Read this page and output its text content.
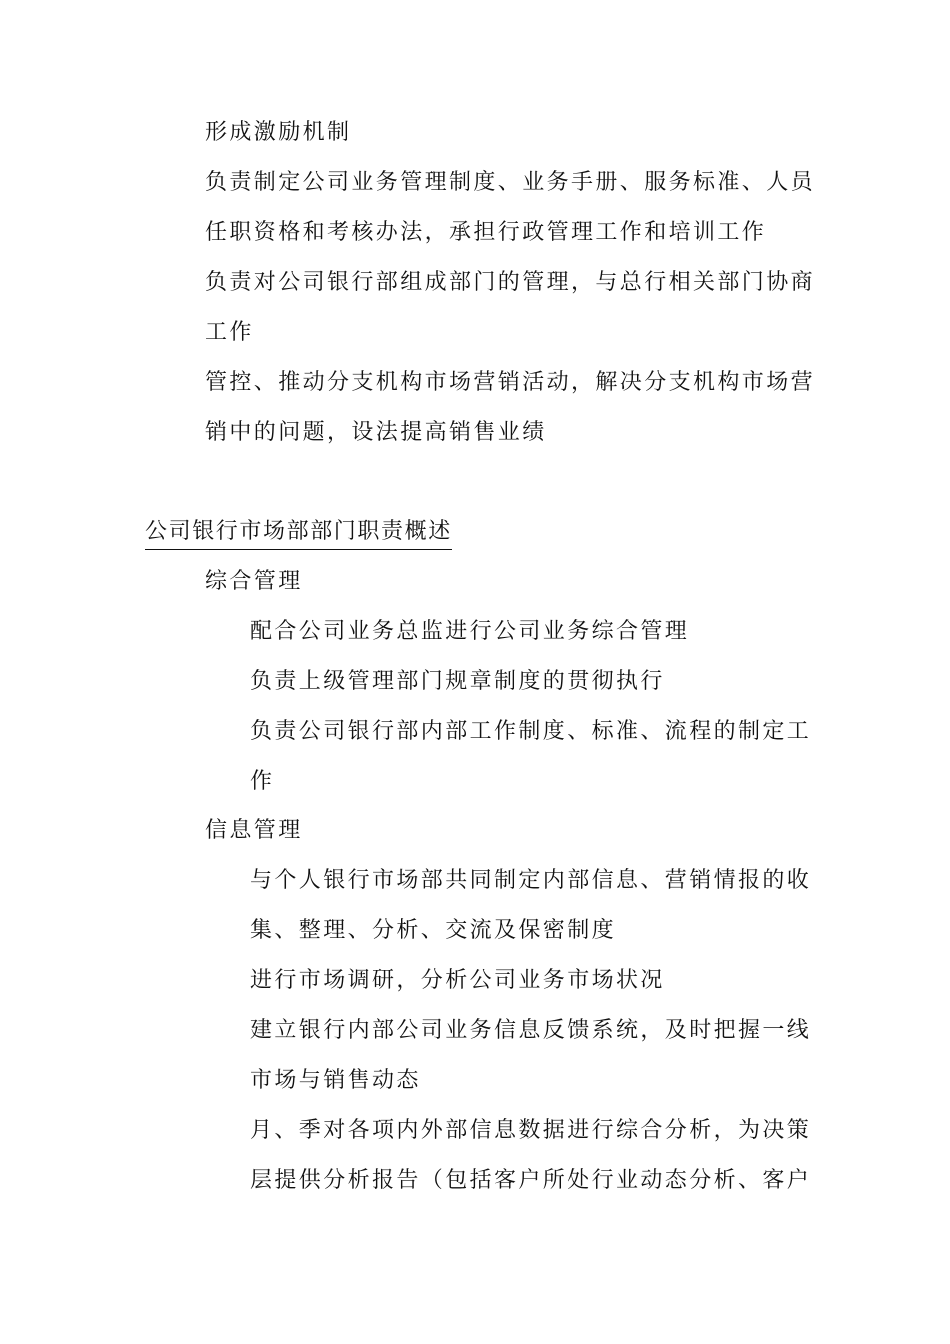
形成激励机制
负责制定公司业务管理制度、业务手册、服务标准、人员
任职资格和考核办法，承担行政管理工作和培训工作
负责对公司银行部组成部门的管理，与总行相关部门协商
工作
管控、推动分支机构市场营销活动，解决分支机构市场营
销中的问题，设法提高销售业绩
公司银行市场部部门职责概述
综合管理
配合公司业务总监进行公司业务综合管理
负责上级管理部门规章制度的贯彻执行
负责公司银行部内部工作制度、标准、流程的制定工
作
信息管理
与个人银行市场部共同制定内部信息、营销情报的收
集、整理、分析、交流及保密制度
进行市场调研，分析公司业务市场状况
建立银行内部公司业务信息反馈系统，及时把握一线
市场与销售动态
月、季对各项内外部信息数据进行综合分析，为决策
层提供分析报告（包括客户所处行业动态分析、客户
